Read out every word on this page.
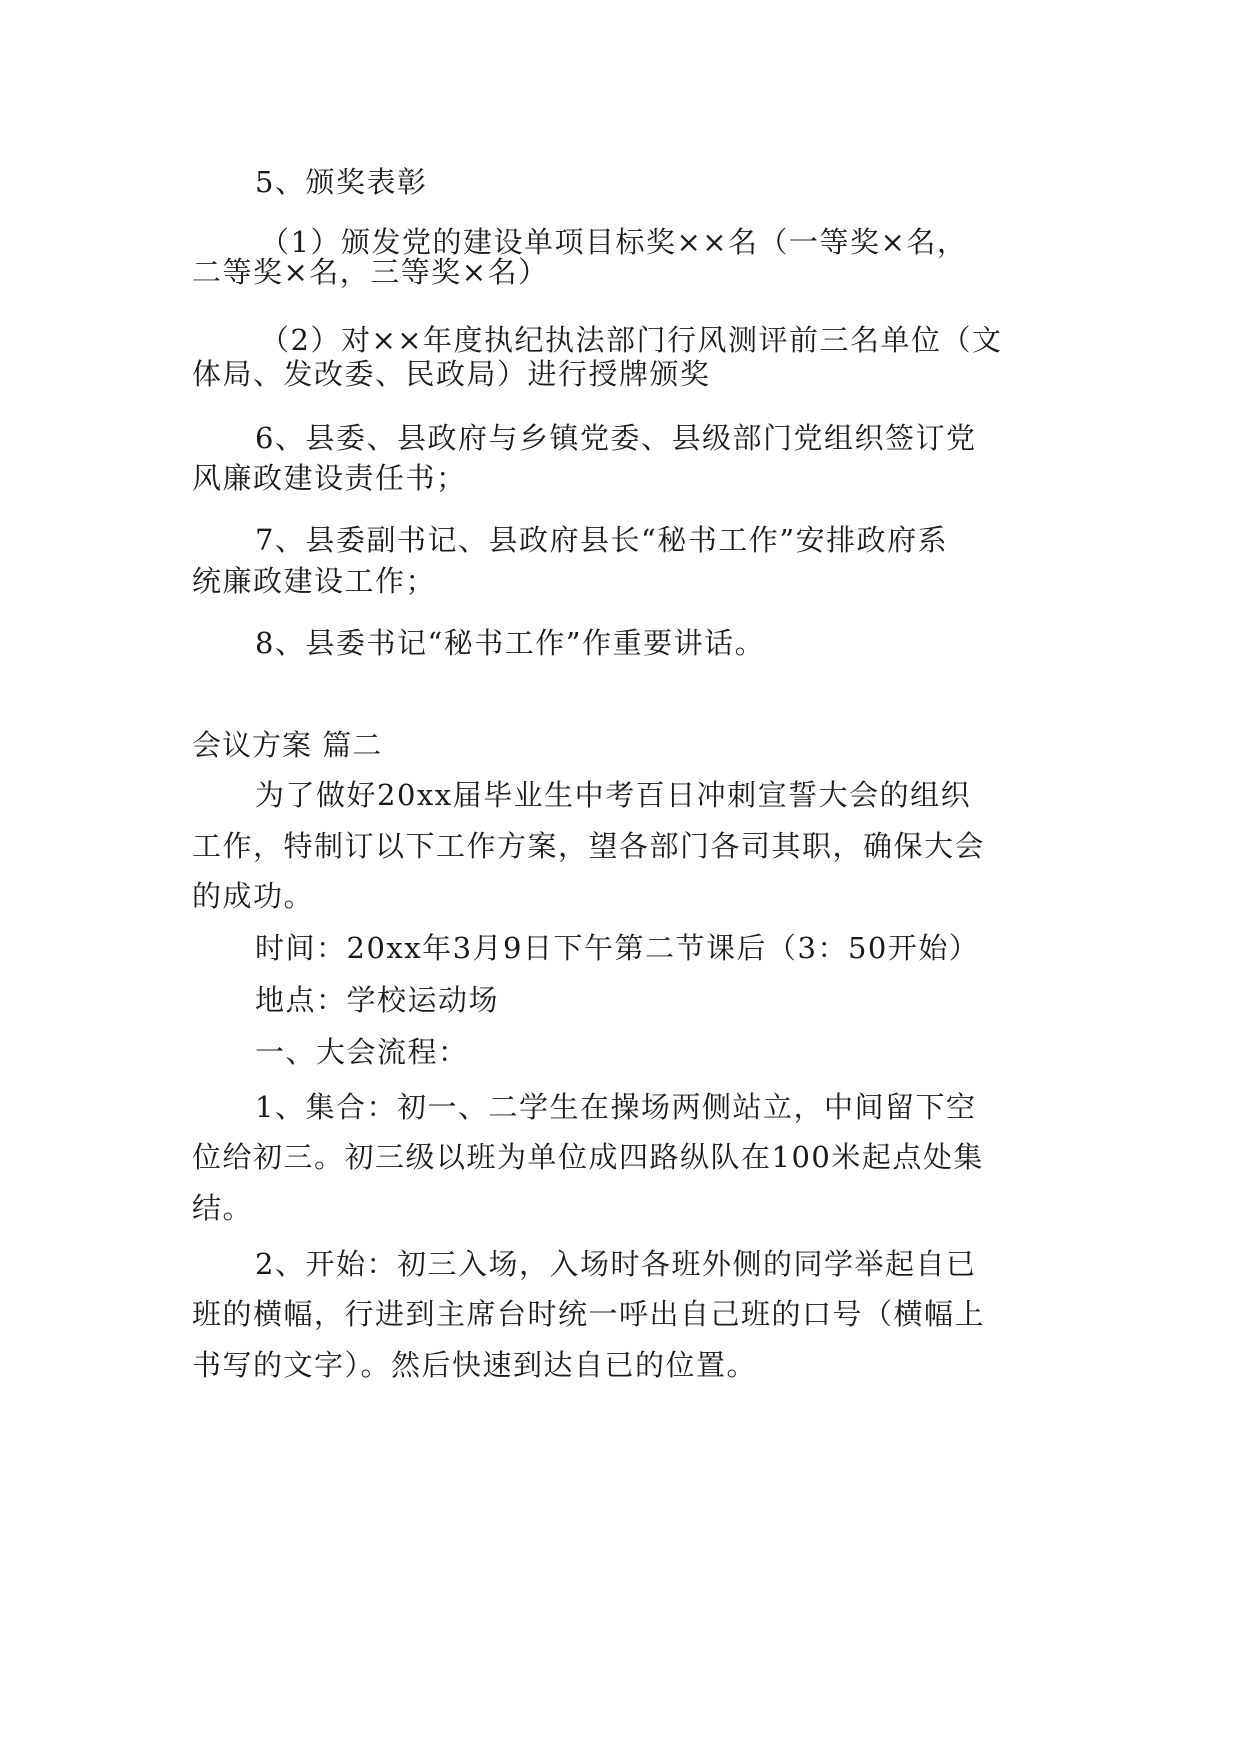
5、颁奖表彰
（1）颁发党的建设单项目标奖××名（一等奖×名，
二等奖×名，三等奖×名）
（2）对××年度执纪执法部门行风测评前三名单位（文
体局、发改委、民政局）进行授牌颁奖
6、县委、县政府与乡镇党委、县级部门党组织签订党
风廉政建设责任书；
7、县委副书记、县政府县长“秘书工作”安排政府系
统廉政建设工作；
8、县委书记“秘书工作”作重要讲话。
会议方案 篇二
为了做好20xx届毕业生中考百日冲刺宣誓大会的组织
工作，特制订以下工作方案，望各部门各司其职，确保大会
的成功。
时间：20xx年3月9日下午第二节课后（3：50开始）
地点：学校运动场
一、大会流程：
1、集合：初一、二学生在操场两侧站立，中间留下空
位给初三。初三级以班为单位成四路纵队在100米起点处集
结。
2、开始：初三入场，入场时各班外侧的同学举起自已
班的横幅，行进到主席台时统一呼出自己班的口号（横幅上
书写的文字）。然后快速到达自已的位置。
